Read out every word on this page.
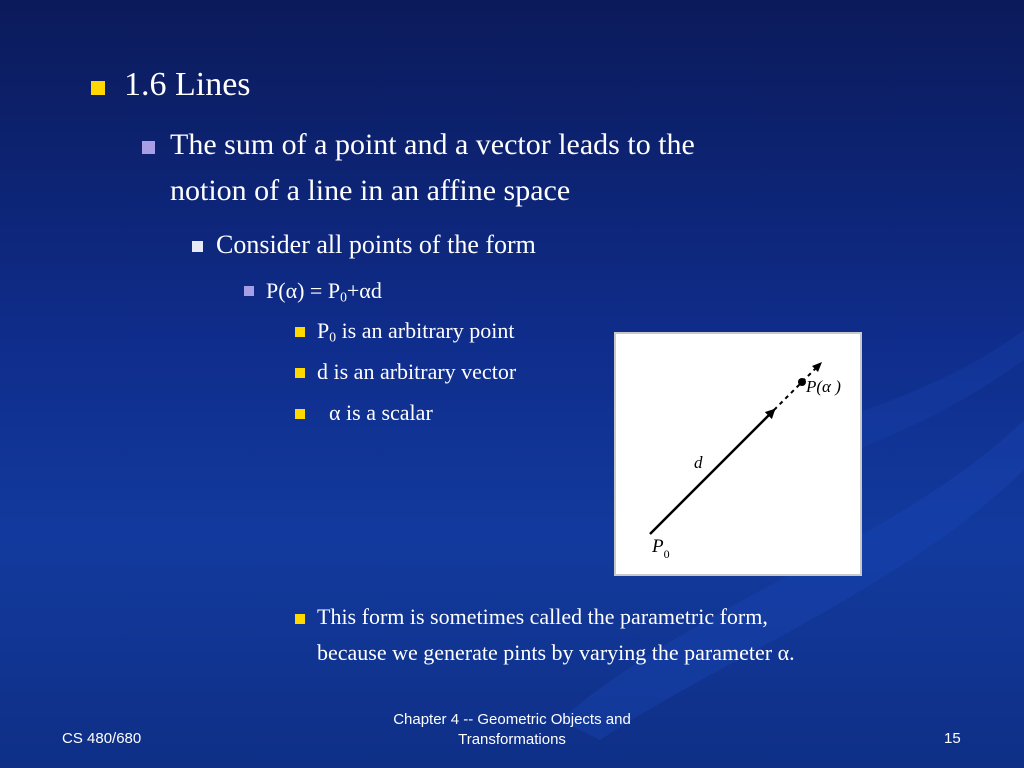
1.6 Lines
The sum of a point and a vector leads to the
notion of a line in an affine space
Consider all points of the form
$P(\alpha) = P_0+\alpha d$
$P_0$ is an arbitrary point
d is an arbitrary vector
α is a scalar
This form is sometimes called the parametric form,
because we generate pints by varying the parameter α.
d
$P_0$
P(α )
CS 480/680
Chapter 4 -- Geometric Objects and
Transformations	15
